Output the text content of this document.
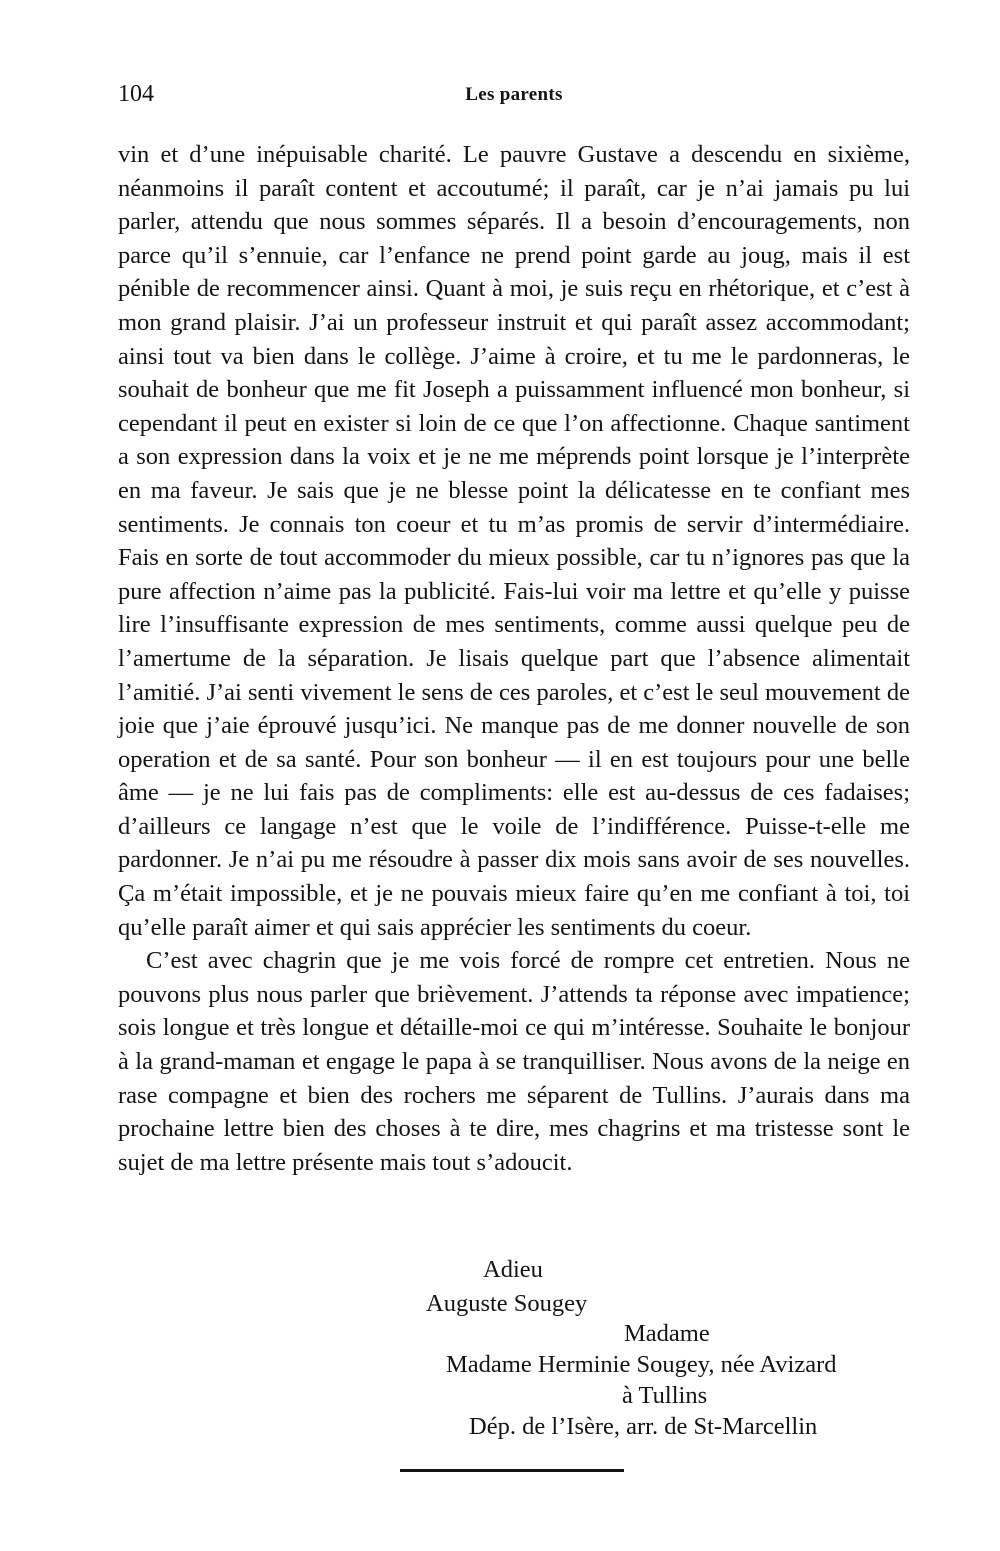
104	Les parents

vin et d’une inépuisable charité. Le pauvre Gustave a descendu en sixième, néanmoins il paraît content et accoutumé; il paraît, car je n’ai jamais pu lui parler, attendu que nous sommes séparés. Il a besoin d’encouragements, non parce qu’il s’ennuie, car l’enfance ne prend point garde au joug, mais il est pénible de recommencer ainsi. Quant à moi, je suis reçu en rhétorique, et c’est à mon grand plaisir. J’ai un professeur instruit et qui paraît assez accommodant; ainsi tout va bien dans le collège. J’aime à croire, et tu me le pardonneras, le souhait de bonheur que me fit Joseph a puissamment influencé mon bonheur, si cependant il peut en exister si loin de ce que l’on affectionne. Chaque santiment a son expression dans la voix et je ne me méprends point lorsque je l’interprète en ma faveur. Je sais que je ne blesse point la délicatesse en te confiant mes sentiments. Je connais ton coeur et tu m’as promis de servir d’intermédiaire. Fais en sorte de tout accommoder du mieux possible, car tu n’ignores pas que la pure affection n’aime pas la publicité. Fais-lui voir ma lettre et qu’elle y puisse lire l’insuffisante expression de mes sentiments, comme aussi quelque peu de l’amertume de la séparation. Je lisais quelque part que l’absence alimentait l’amitié. J’ai senti vivement le sens de ces paroles, et c’est le seul mouvement de joie que j’aie éprouvé jusqu’ici. Ne manque pas de me donner nouvelle de son operation et de sa santé. Pour son bonheur — il en est toujours pour une belle âme — je ne lui fais pas de compliments: elle est au-dessus de ces fadaises; d’ailleurs ce langage n’est que le voile de l’indifférence. Puisse-t-elle me pardonner. Je n’ai pu me résoudre à passer dix mois sans avoir de ses nouvelles. Ça m’était impossible, et je ne pouvais mieux faire qu’en me confiant à toi, toi qu’elle paraît aimer et qui sais apprécier les sentiments du coeur.

C’est avec chagrin que je me vois forcé de rompre cet entretien. Nous ne pouvons plus nous parler que brièvement. J’attends ta réponse avec impatience; sois longue et très longue et détaille-moi ce qui m’intéresse. Souhaite le bonjour à la grand-maman et engage le papa à se tranquilliser. Nous avons de la neige en rase compagne et bien des rochers me séparent de Tullins. J’aurais dans ma prochaine lettre bien des choses à te dire, mes chagrins et ma tristesse sont le sujet de ma lettre présente mais tout s’adoucit.

Adieu
Auguste Sougey
Madame
Madame Herminie Sougey, née Avizard
à Tullins
Dép. de l’Isère, arr. de St-Marcellin
